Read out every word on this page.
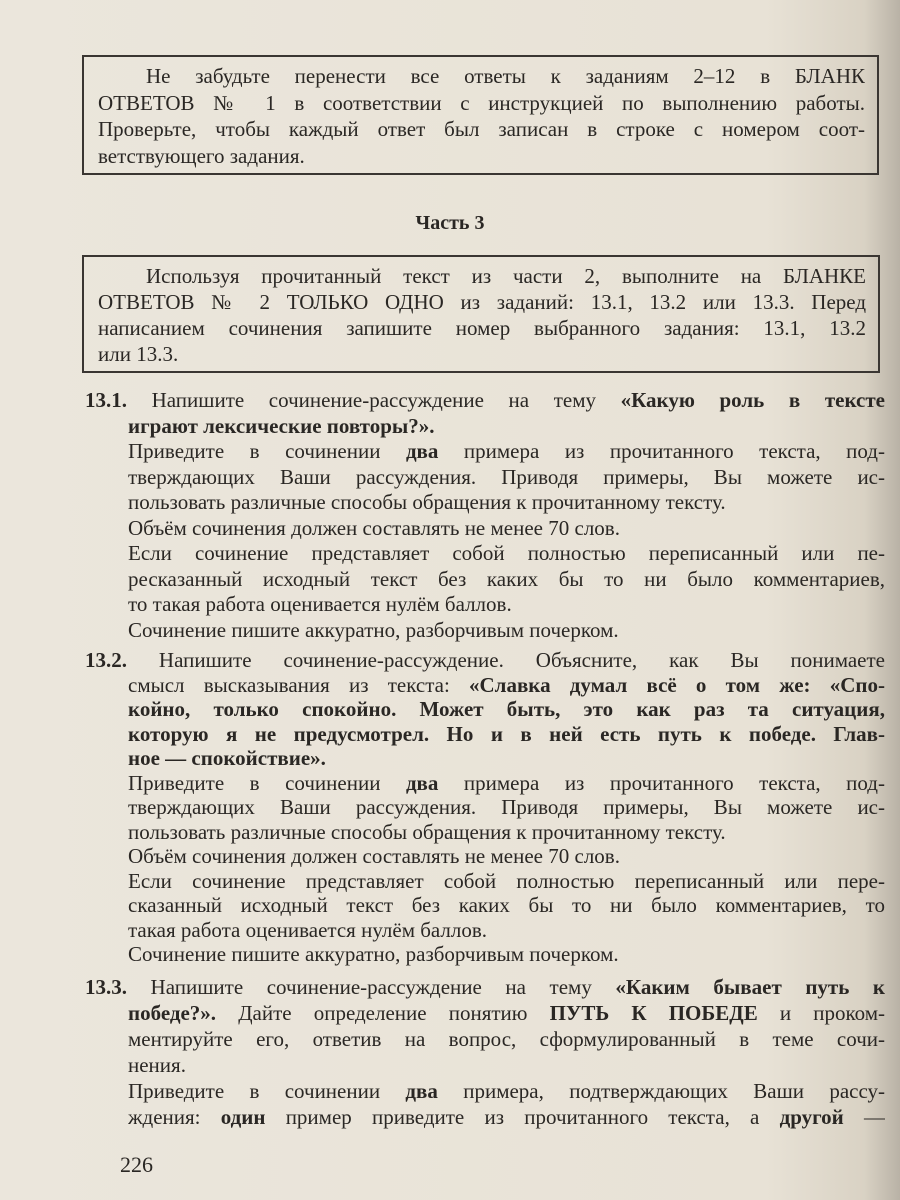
Не забудьте перенести все ответы к заданиям 2–12 в БЛАНК
ОТВЕТОВ № 1 в соответствии с инструкцией по выполнению работы.
Проверьте, чтобы каждый ответ был записан в строке с номером соот-
ветствующего задания.
Часть 3
Используя прочитанный текст из части 2, выполните на БЛАНКЕ
ОТВЕТОВ № 2 ТОЛЬКО ОДНО из заданий: 13.1, 13.2 или 13.3. Перед
написанием сочинения запишите номер выбранного задания: 13.1, 13.2
или 13.3.
13.1. Напишите сочинение-рассуждение на тему «Какую роль в тексте
играют лексические повторы?».
Приведите в сочинении два примера из прочитанного текста, под-
тверждающих Ваши рассуждения. Приводя примеры, Вы можете ис-
пользовать различные способы обращения к прочитанному тексту.
Объём сочинения должен составлять не менее 70 слов.
Если сочинение представляет собой полностью переписанный или пе-
ресказанный исходный текст без каких бы то ни было комментариев,
то такая работа оценивается нулём баллов.
Сочинение пишите аккуратно, разборчивым почерком.
13.2. Напишите сочинение-рассуждение. Объясните, как Вы понимаете
смысл высказывания из текста: «Славка думал всё о том же: «Спо-
койно, только спокойно. Может быть, это как раз та ситуация,
которую я не предусмотрел. Но и в ней есть путь к победе. Глав-
ное — спокойствие».
Приведите в сочинении два примера из прочитанного текста, под-
тверждающих Ваши рассуждения. Приводя примеры, Вы можете ис-
пользовать различные способы обращения к прочитанному тексту.
Объём сочинения должен составлять не менее 70 слов.
Если сочинение представляет собой полностью переписанный или пере-
сказанный исходный текст без каких бы то ни было комментариев, то
такая работа оценивается нулём баллов.
Сочинение пишите аккуратно, разборчивым почерком.
13.3. Напишите сочинение-рассуждение на тему «Каким бывает путь к
победе?». Дайте определение понятию ПУТЬ К ПОБЕДЕ и проком-
ментируйте его, ответив на вопрос, сформулированный в теме сочи-
нения.
Приведите в сочинении два примера, подтверждающих Ваши рассу-
ждения: один пример приведите из прочитанного текста, а другой —
226
